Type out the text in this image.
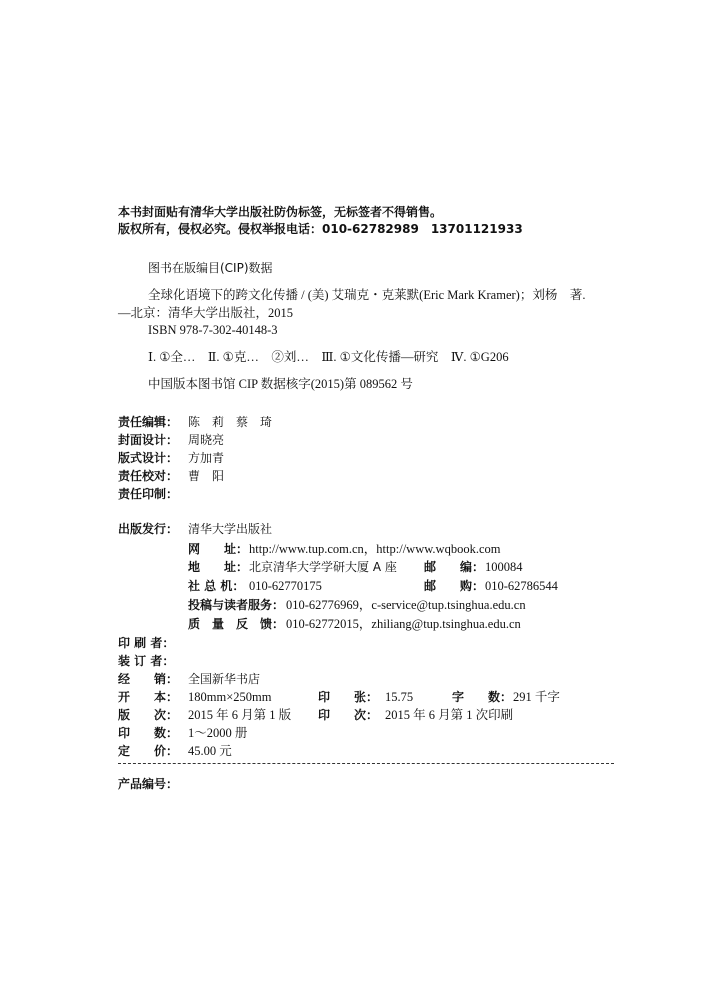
本书封面贴有清华大学出版社防伪标签，无标签者不得销售。
版权所有，侵权必究。侵权举报电话：010-62782989　13701121933
图书在版编目(CIP)数据
全球化语境下的跨文化传播 / (美) 艾瑞克・克莱默(Eric Mark Kramer)；刘杨　著.
—北京：清华大学出版社，2015
ISBN 978-7-302-40148-3
Ⅰ. ①全…　Ⅱ. ①克…　②刘…　Ⅲ. ①文化传播—研究　Ⅳ. ①G206
中国版本图书馆 CIP 数据核字(2015)第 089562 号
责任编辑： 陈　莉　蔡　琦
封面设计： 周晓亮
版式设计： 方加青
责任校对： 曹　阳
责任印制：
出版发行： 清华大学出版社
网　　址： http://www.tup.com.cn，http://www.wqbook.com
地　　址： 北京清华大学学研大厦 A 座 邮　　编： 100084
社 总 机： 010-62770175	邮　　购： 010-62786544
投稿与读者服务： 010-62776969，c-service@tup.tsinghua.edu.cn
质　量　反　馈： 010-62772015，zhiliang@tup.tsinghua.edu.cn
印 刷 者：
装 订 者：
经　　销： 全国新华书店
开　　本： 180mm×250mm	印　　张： 15.75	字　　数： 291 千字
版　　次： 2015 年 6 月第 1 版 印　　次： 2015 年 6 月第 1 次印刷
印　　数： 1～2000 册
定　　价： 45.00 元
产品编号：
